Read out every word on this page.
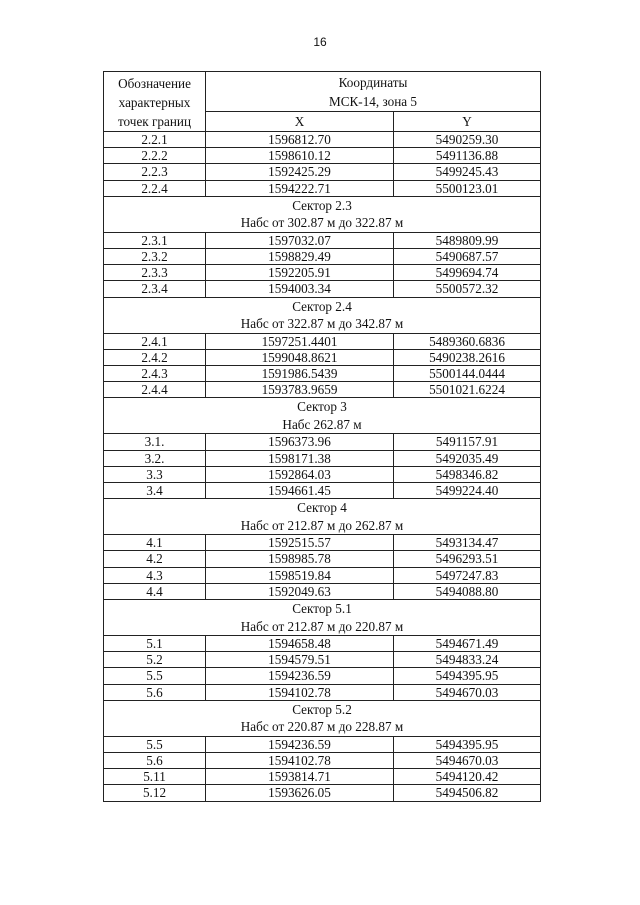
16
Обозначение
характерных
точек границ	Координаты
МСК-14, зона 5	

	X	Y
2.2.1	1596812.70	5490259.30
2.2.2	1598610.12	5491136.88
2.2.3	1592425.29	5499245.43
2.2.4	1594222.71	5500123.01

Сектор 2.3
Набс от 302.87 м до 322.87 м		

2.3.1	1597032.07	5489809.99
2.3.2	1598829.49	5490687.57
2.3.3	1592205.91	5499694.74
2.3.4	1594003.34	5500572.32

Сектор 2.4
Набс от 322.87 м до 342.87 м		

2.4.1	1597251.4401	5489360.6836
2.4.2	1599048.8621	5490238.2616
2.4.3	1591986.5439	5500144.0444
2.4.4	1593783.9659	5501021.6224

Сектор 3
Набс 262.87 м		

3.1.	1596373.96	5491157.91
3.2.	1598171.38	5492035.49
3.3	1592864.03	5498346.82
3.4	1594661.45	5499224.40

Сектор 4
Набс от 212.87 м до 262.87 м		

4.1	1592515.57	5493134.47
4.2	1598985.78	5496293.51
4.3	1598519.84	5497247.83
4.4	1592049.63	5494088.80

Сектор 5.1
Набс от 212.87 м до 220.87 м		

5.1	1594658.48	5494671.49
5.2	1594579.51	5494833.24
5.5	1594236.59	5494395.95
5.6	1594102.78	5494670.03

Сектор 5.2
Набс от 220.87 м до 228.87 м		

5.5	1594236.59	5494395.95
5.6	1594102.78	5494670.03
5.11	1593814.71	5494120.42
5.12	1593626.05	5494506.82
